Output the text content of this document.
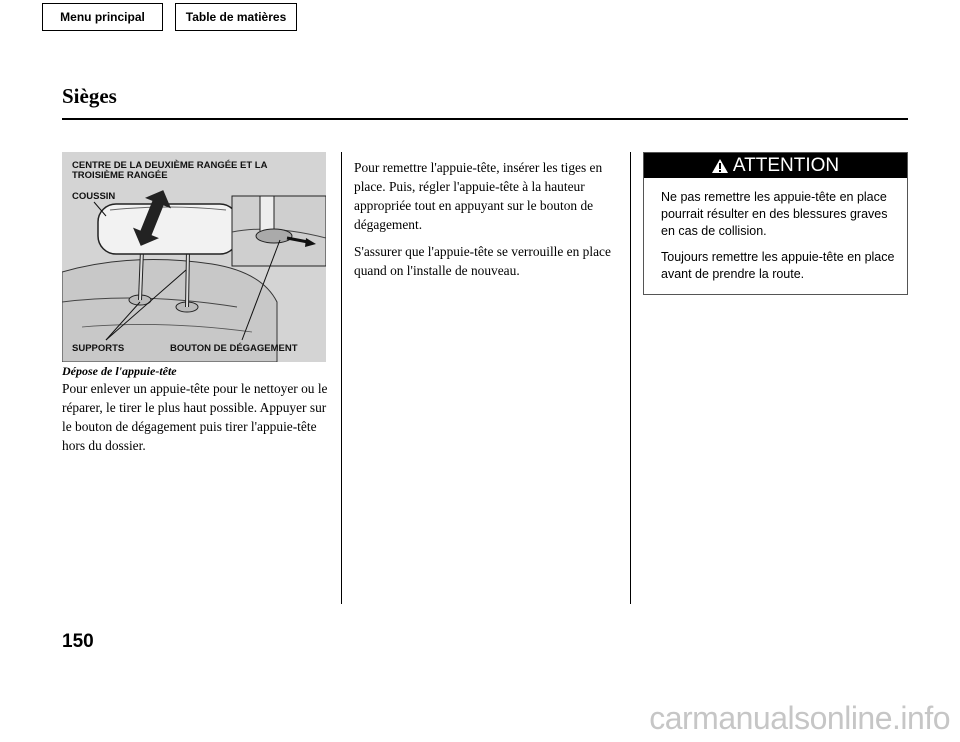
Menu principal	Table de matières
Sièges
CENTRE DE LA DEUXIÈME RANGÉE ET LA TROISIÈME RANGÉE
COUSSIN
SUPPORTS	BOUTON DE DÉGAGEMENT
Dépose de l'appuie-tête

Pour enlever un appuie-tête pour le nettoyer ou le réparer, le tirer le plus haut possible. Appuyer sur le bouton de dégagement puis tirer l'appuie-tête hors du dossier.

Pour remettre l'appuie-tête, insérer les tiges en place. Puis, régler l'appuie-tête à la hauteur appropriée tout en appuyant sur le bouton de dégagement.

S'assurer que l'appuie-tête se verrouille en place quand on l'installe de nouveau.

ATTENTION

Ne pas remettre les appuie-tête en place pourrait résulter en des blessures graves en cas de collision.

Toujours remettre les appuie-tête en place avant de prendre la route.

150
carmanualsonline.info
